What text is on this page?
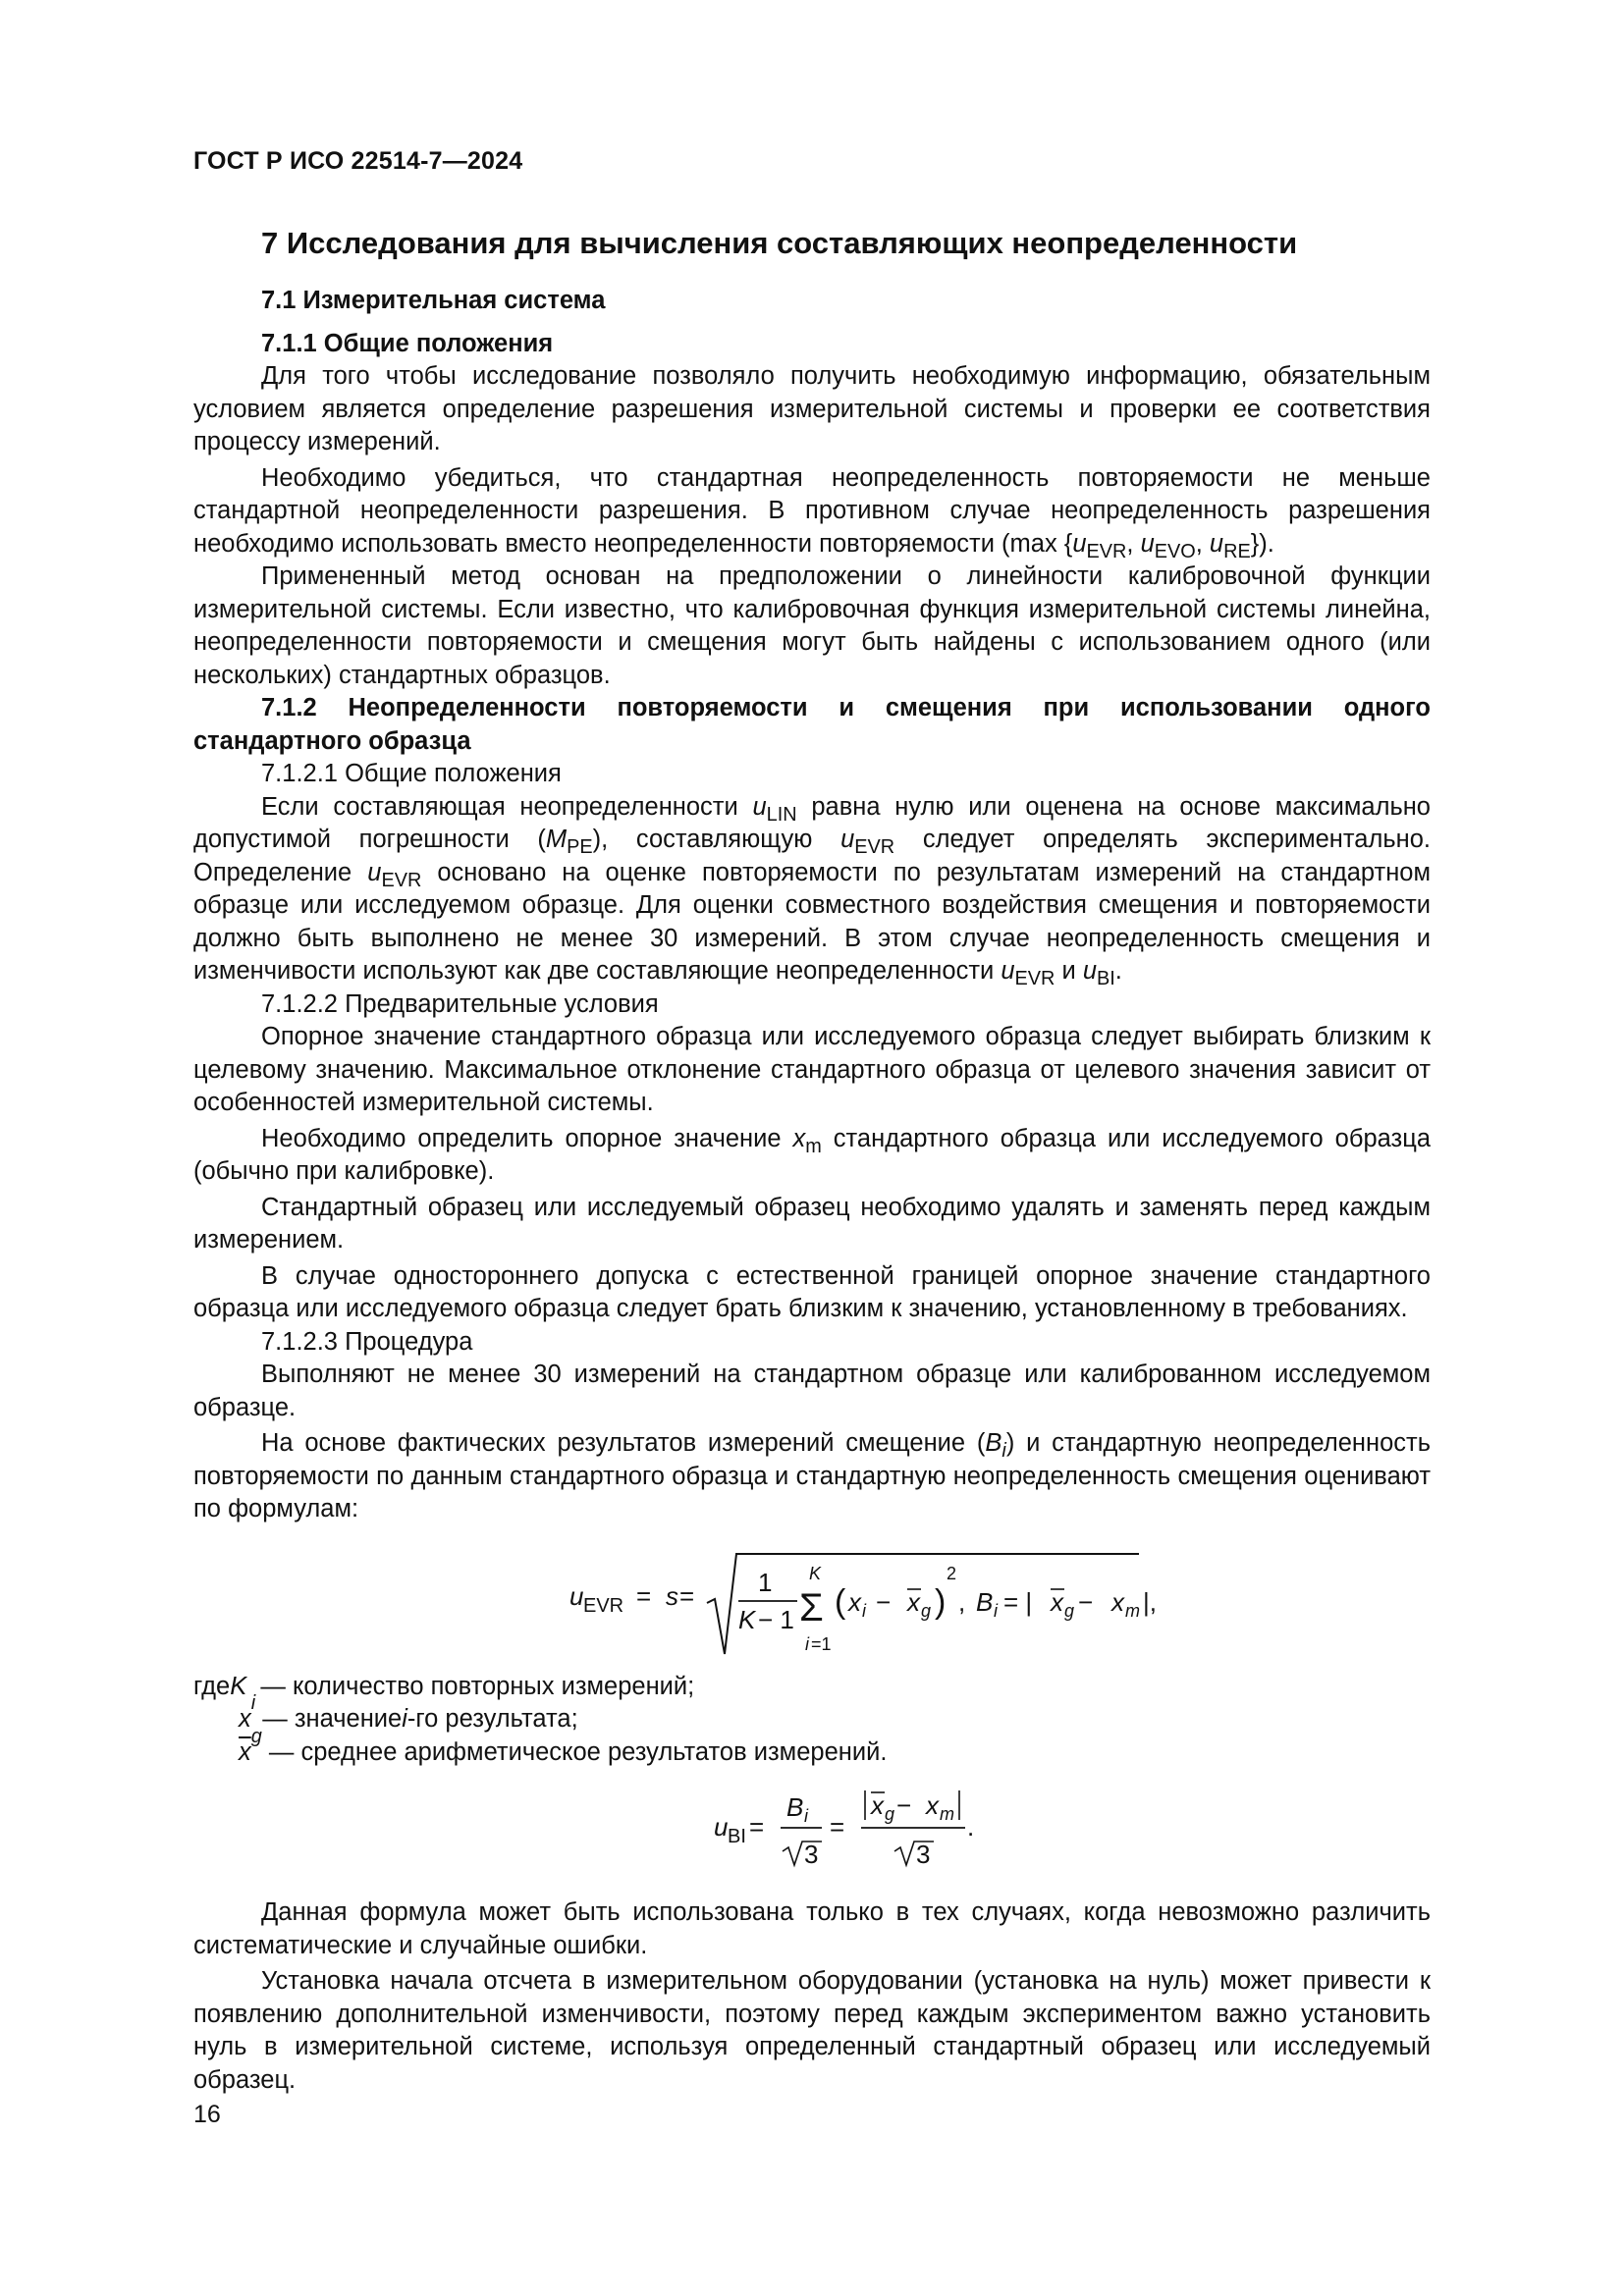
ГОСТ Р ИСО 22514-7—2024
7 Исследования для вычисления составляющих неопределенности
7.1 Измерительная система
7.1.1 Общие положения

Для того чтобы исследование позволяло получить необходимую информацию, обязательным условием является определение разрешения измерительной системы и проверки ее соответствия процессу измерений.

Необходимо убедиться, что стандартная неопределенность повторяемости не меньше стандартной неопределенности разрешения. В противном случае неопределенность разрешения необходимо использовать вместо неопределенности повторяемости (max {$u_{EVR}$, $u_{EVO}$, $u_{RE}$}).

Примененный метод основан на предположении о линейности калибровочной функции измерительной системы. Если известно, что калибровочная функция измерительной системы линейна, неопределенности повторяемости и смещения могут быть найдены с использованием одного (или нескольких) стандартных образцов.

7.1.2 Неопределенности повторяемости и смещения при использовании одного стандартного образца
7.1.2.1 Общие положения

Если составляющая неопределенности $u_{LIN}$ равна нулю или оценена на основе максимально допустимой погрешности $(M_{PE})$, составляющую $u_{EVR}$ следует определять экспериментально. Определение $u_{EVR}$ основано на оценке повторяемости по результатам измерений на стандартном образце или исследуемом образце. Для оценки совместного воздействия смещения и повторяемости должно быть выполнено не менее 30 измерений. В этом случае неопределенность смещения и изменчивости используют как две составляющие неопределенности $u_{EVR}$ и $u_{BI}$.

7.1.2.2 Предварительные условия

Опорное значение стандартного образца или исследуемого образца следует выбирать близким к целевому значению. Максимальное отклонение стандартного образца от целевого значения зависит от особенностей измерительной системы.

Необходимо определить опорное значение $x_m$ стандартного образца или исследуемого образца (обычно при калибровке).

Стандартный образец или исследуемый образец необходимо удалять и заменять перед каждым измерением.

В случае одностороннего допуска с естественной границей опорное значение стандартного образца или исследуемого образца следует брать близким к значению, установленному в требованиях.

7.1.2.3 Процедура

Выполняют не менее 30 измерений на стандартном образце или калиброванном исследуемом образце.

На основе фактических результатов измерений смещение $(B_i)$ и стандартную неопределенность повторяемости по данным стандартного образца и стандартную неопределенность смещения оценивают по формулам:

u EVR = s = 1
K − 1 Σ
K
i =1
( x i − x g )
2
, B i = | x g − x m |,
где K
— количество повторных измерений;
x
i

— значение i -го результата;
$\overline{x}$
g

— среднее арифметическое результатов измерений.
u BI =
B i
3
=
x g − x m
3
.

Данная формула может быть использована только в тех случаях, когда невозможно различить систематические и случайные ошибки.

Установка начала отсчета в измерительном оборудовании (установка на нуль) может привести к появлению дополнительной изменчивости, поэтому перед каждым экспериментом важно установить нуль в измерительной системе, используя определенный стандартный образец или исследуемый образец.

16
